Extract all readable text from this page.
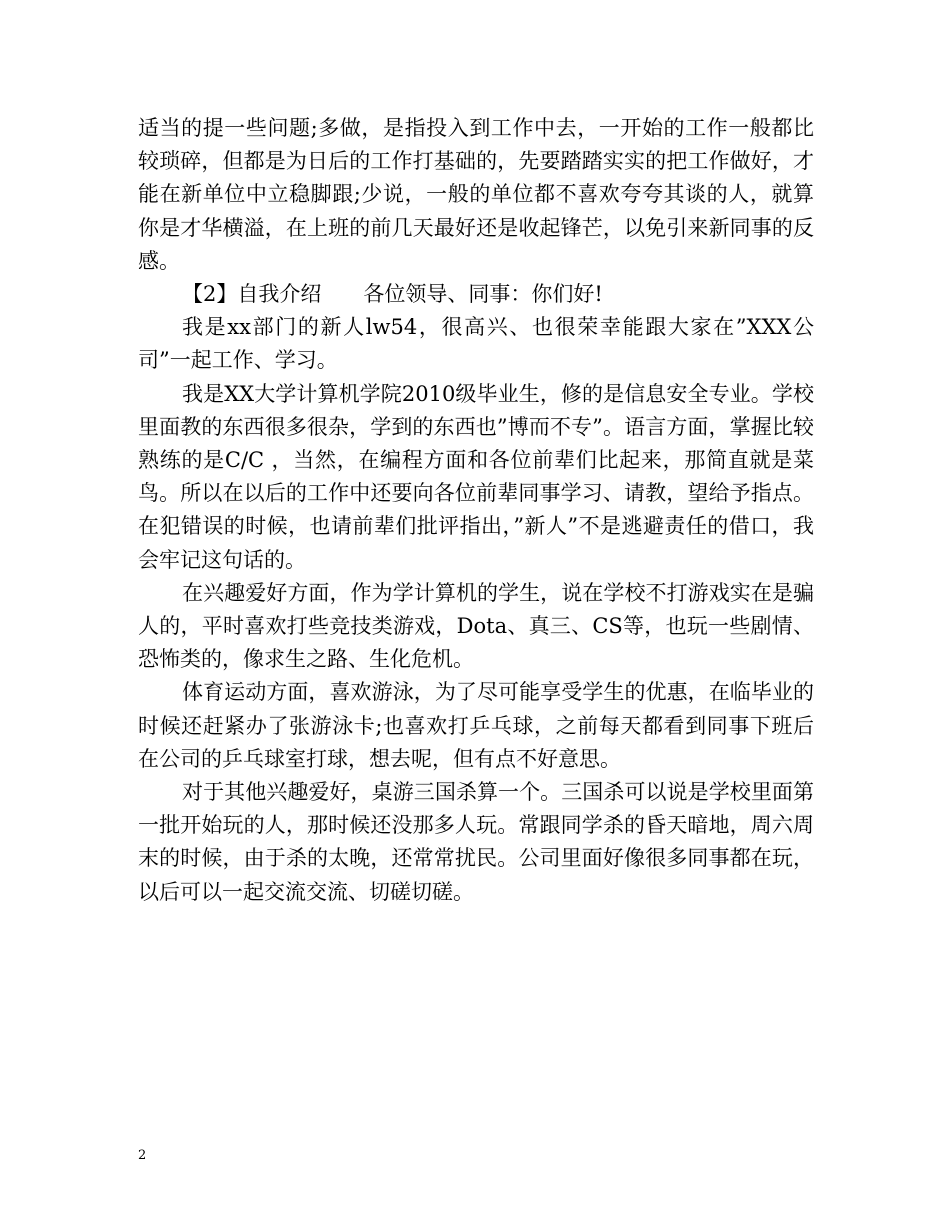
适当的提一些问题;多做，是指投入到工作中去，一开始的工作一般都比较琐碎，但都是为日后的工作打基础的，先要踏踏实实的把工作做好，才能在新单位中立稳脚跟;少说，一般的单位都不喜欢夸夸其谈的人，就算你是才华横溢，在上班的前几天最好还是收起锋芒，以免引来新同事的反感。

【2】自我介绍　　各位领导、同事：你们好!

我是xx部门的新人lw54，很高兴、也很荣幸能跟大家在”XXX公司”一起工作、学习。

我是XX大学计算机学院2010级毕业生，修的是信息安全专业。学校里面教的东西很多很杂，学到的东西也”博而不专”。语言方面，掌握比较熟练的是C/C ，当然，在编程方面和各位前辈们比起来，那简直就是菜鸟。所以在以后的工作中还要向各位前辈同事学习、请教，望给予指点。在犯错误的时候，也请前辈们批评指出，”新人”不是逃避责任的借口，我会牢记这句话的。

在兴趣爱好方面，作为学计算机的学生，说在学校不打游戏实在是骗人的，平时喜欢打些竞技类游戏，Dota、真三、CS等，也玩一些剧情、恐怖类的，像求生之路、生化危机。

体育运动方面，喜欢游泳，为了尽可能享受学生的优惠，在临毕业的时候还赶紧办了张游泳卡;也喜欢打乒乓球，之前每天都看到同事下班后在公司的乒乓球室打球，想去呢，但有点不好意思。

对于其他兴趣爱好，桌游三国杀算一个。三国杀可以说是学校里面第一批开始玩的人，那时候还没那多人玩。常跟同学杀的昏天暗地，周六周末的时候，由于杀的太晚，还常常扰民。公司里面好像很多同事都在玩，以后可以一起交流交流、切磋切磋。

2
